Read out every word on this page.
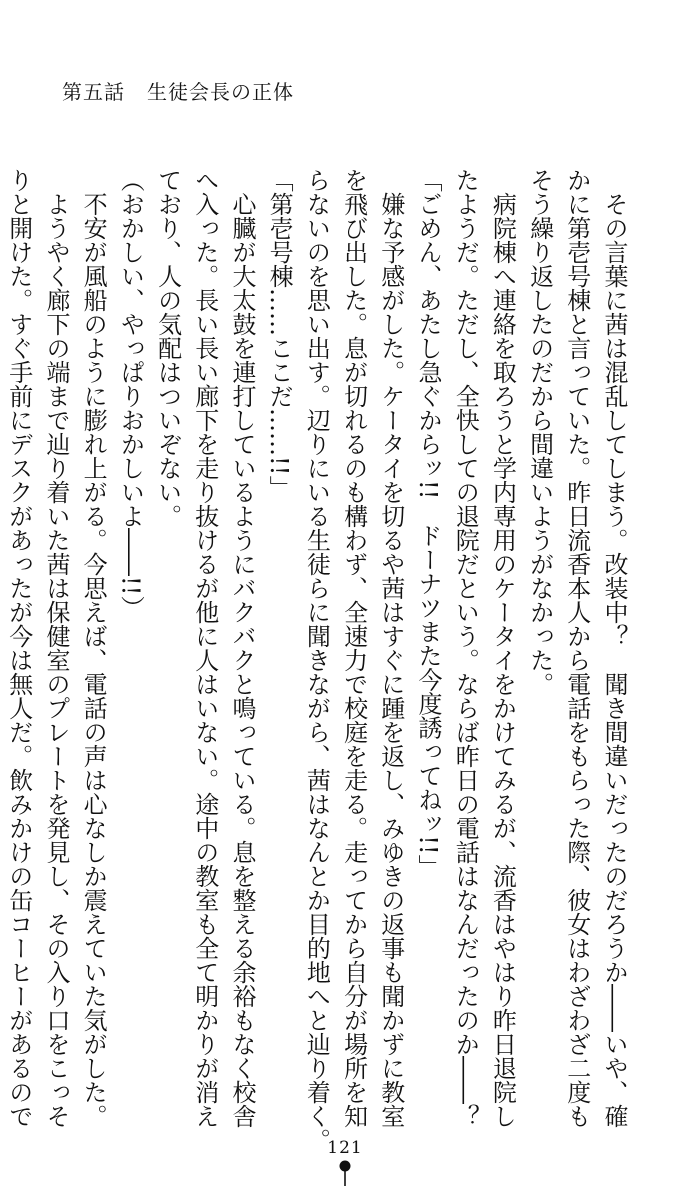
第五話 生徒会長の正体

　その言葉に茜は混乱してしまう。改装中？　聞き間違いだったのだろうか――いや、確

かに第壱号棟と言っていた。昨日流香本人から電話をもらった際、彼女はわざわざ二度も

そう繰り返したのだから間違いようがなかった。

　病院棟へ連絡を取ろうと学内専用のケータイをかけてみるが、流香はやはり昨日退院し

たようだ。ただし、全快しての退院だという。ならば昨日の電話はなんだったのか――？

「ごめん、あたし急ぐからッ!!　ドーナツまた今度誘ってねッ!!」

　嫌な予感がした。ケータイを切るや茜はすぐに踵を返し、みゆきの返事も聞かずに教室

を飛び出した。息が切れるのも構わず、全速力で校庭を走る。走ってから自分が場所を知

らないのを思い出す。辺りにいる生徒らに聞きながら、茜はなんとか目的地へと辿り着く。

「第壱号棟……ここだ……!!」

　心臓が大太鼓を連打しているようにバクバクと鳴っている。息を整える余裕もなく校舎

へ入った。長い長い廊下を走り抜けるが他に人はいない。途中の教室も全て明かりが消え

ており、人の気配はついぞない。

（おかしい、やっぱりおかしいよ――!!）

　不安が風船のように膨れ上がる。今思えば、電話の声は心なしか震えていた気がした。

　ようやく廊下の端まで辿り着いた茜は保健室のプレートを発見し、その入り口をこっそ

りと開けた。すぐ手前にデスクがあったが今は無人だ。飲みかけの缶コーヒーがあるので

121
